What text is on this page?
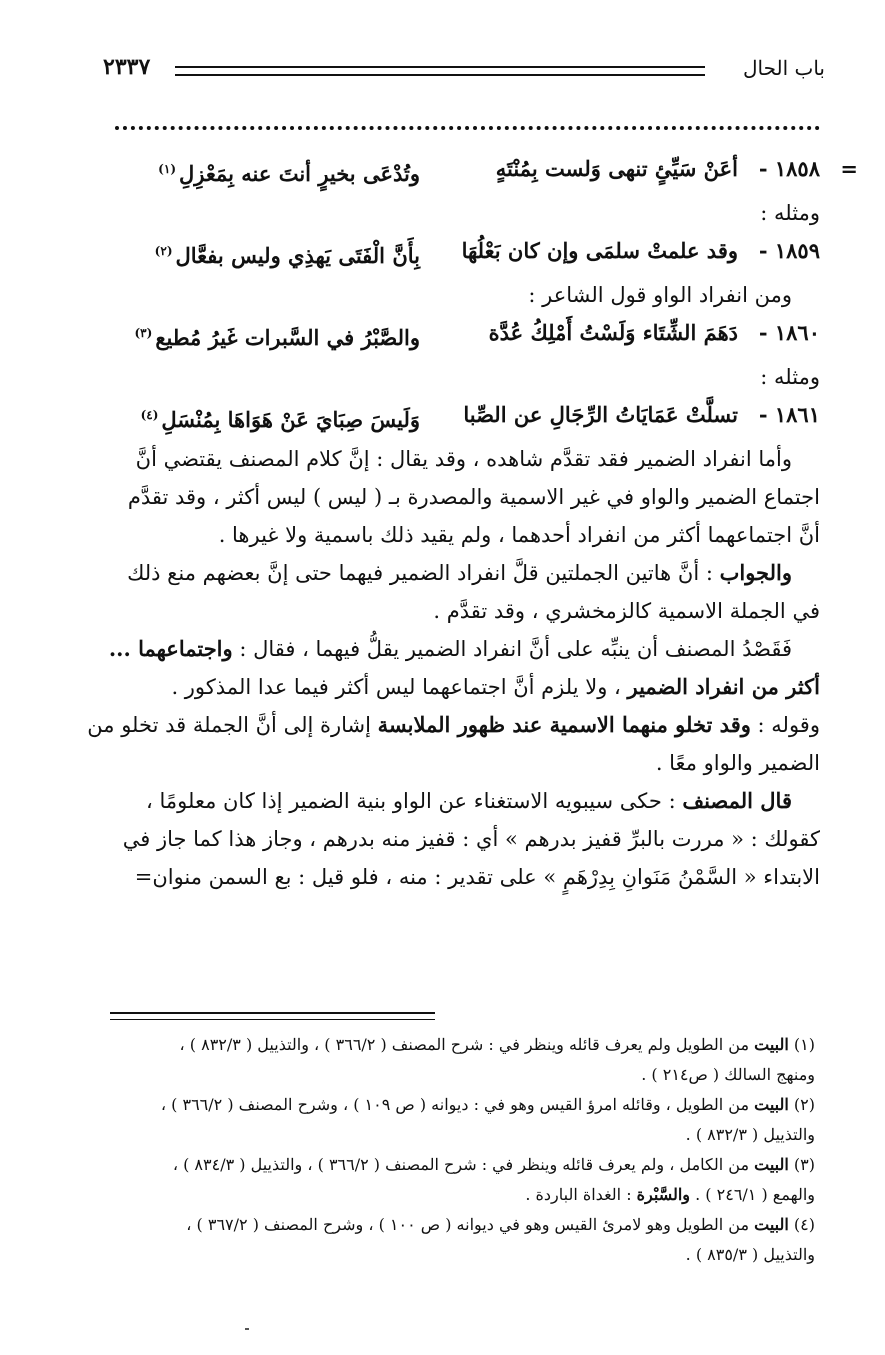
باب الحال
٢٣٣٧
=
١٨٥٨ -
أعَنْ سَيِّئٍ تنهى وَلست بِمُنْتَهٍ
وتُدْعَى بخيرٍ أنتَ عنه بِمَعْزِلِ$^{(١)}$
ومثله :
١٨٥٩ -
وقد علمتْ سلمَى وإن كان بَعْلُهَا
بِأَنَّ الْفَتَى يَهذِي وليس بفعَّال$^{(٢)}$
ومن انفراد الواو قول الشاعر :
١٨٦٠ -
دَهَمَ الشِّتَاء وَلَسْتُ أَمْلِكُ عُدَّة
والصَّبْرُ في السَّبرات غَيرُ مُطيع$^{(٣)}$
ومثله :
١٨٦١ -
تسلَّتْ عَمَايَاتُ الرِّجَالِ عن الصِّبا
وَلَيسَ صِبَايَ عَنْ هَوَاهَا بِمُنْسَلِ$^{(٤)}$
وأما انفراد الضمير فقد تقدَّم شاهده ، وقد يقال : إنَّ كلام المصنف يقتضي أنَّ
اجتماع الضمير والواو في غير الاسمية والمصدرة بـ ( ليس ) ليس أكثر ، وقد تقدَّم
أنَّ اجتماعهما أكثر من انفراد أحدهما ، ولم يقيد ذلك باسمية ولا غيرها .
والجواب : أنَّ هاتين الجملتين قلَّ انفراد الضمير فيهما حتى إنَّ بعضهم منع ذلك
في الجملة الاسمية كالزمخشري ، وقد تقدَّم .
فَقَصْدُ المصنف أن ينبِّه على أنَّ انفراد الضمير يقلُّ فيهما ، فقال : واجتماعهما ...
أكثر من انفراد الضمير ، ولا يلزم أنَّ اجتماعهما ليس أكثر فيما عدا المذكور .
وقوله : وقد تخلو منهما الاسمية عند ظهور الملابسة إشارة إلى أنَّ الجملة قد تخلو من
الضمير والواو معًا .
قال المصنف : حكى سيبويه الاستغناء عن الواو بنية الضمير إذا كان معلومًا ،
كقولك : « مررت بالبرِّ قفيز بدرهم » أي : قفيز منه بدرهم ، وجاز هذا كما جاز في
الابتداء « السَّمْنُ مَنَوانِ بِدِرْهَمٍ » على تقدير : منه ، فلو قيل : بع السمن منوان=
(١) البيت من الطويل ولم يعرف قائله وينظر في : شرح المصنف ( ٣٦٦/٢ ) ، والتذييل ( ٨٣٢/٣ ) ،
ومنهج السالك ( ص٢١٤ ) .
(٢) البيت من الطويل ، وقائله امرؤ القيس وهو في : ديوانه ( ص ١٠٩ ) ، وشرح المصنف ( ٣٦٦/٢ ) ،
والتذييل ( ٨٣٢/٣ ) .
(٣) البيت من الكامل ، ولم يعرف قائله وينظر في : شرح المصنف ( ٣٦٦/٢ ) ، والتذييل ( ٨٣٤/٣ ) ،
والهمع ( ٢٤٦/١ ) . والسَّبْرة : الغداة الباردة .
(٤) البيت من الطويل وهو لامرئ القيس وهو في ديوانه ( ص ١٠٠ ) ، وشرح المصنف ( ٣٦٧/٢ ) ،
والتذييل ( ٨٣٥/٣ ) .
